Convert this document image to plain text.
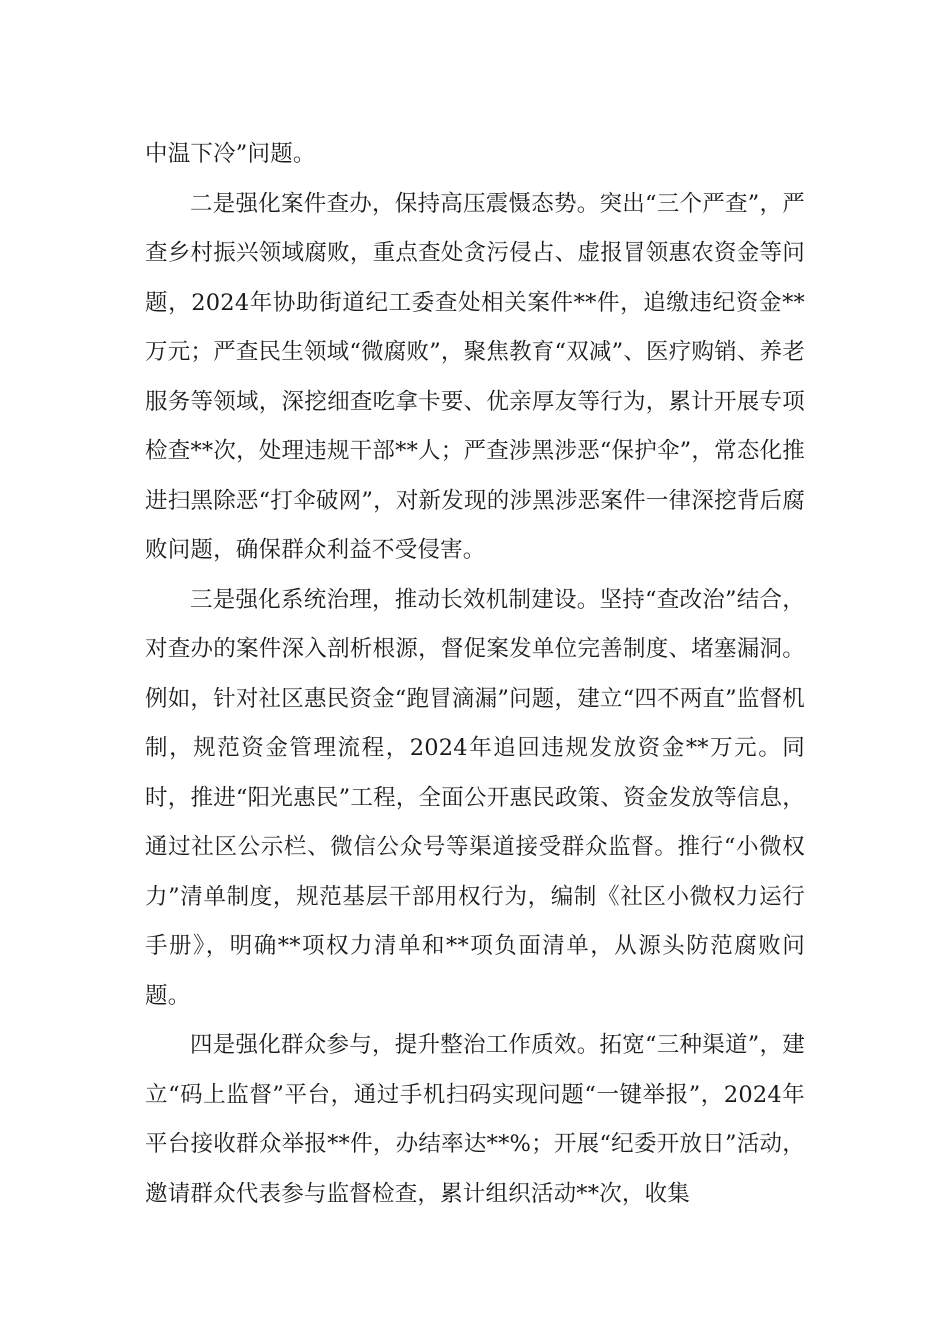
中温下冷”问题。

二是强化案件查办，保持高压震慑态势。突出“三个严查”，严查乡村振兴领域腐败，重点查处贪污侵占、虚报冒领惠农资金等问题，2024年协助街道纪工委查处相关案件**件，追缴违纪资金**万元；严查民生领域“微腐败”，聚焦教育“双减”、医疗购销、养老服务等领域，深挖细查吃拿卡要、优亲厚友等行为，累计开展专项检查**次，处理违规干部**人；严查涉黑涉恶“保护伞”，常态化推进扫黑除恶“打伞破网”，对新发现的涉黑涉恶案件一律深挖背后腐败问题，确保群众利益不受侵害。

三是强化系统治理，推动长效机制建设。坚持“查改治”结合，对查办的案件深入剖析根源，督促案发单位完善制度、堵塞漏洞。例如，针对社区惠民资金“跑冒滴漏”问题，建立“四不两直”监督机制，规范资金管理流程，2024年追回违规发放资金**万元。同时，推进“阳光惠民”工程，全面公开惠民政策、资金发放等信息，通过社区公示栏、微信公众号等渠道接受群众监督。推行“小微权力”清单制度，规范基层干部用权行为，编制《社区小微权力运行手册》，明确**项权力清单和**项负面清单，从源头防范腐败问题。

四是强化群众参与，提升整治工作质效。拓宽“三种渠道”，建立“码上监督”平台，通过手机扫码实现问题“一键举报”，2024年平台接收群众举报**件，办结率达**%；开展“纪委开放日”活动，邀请群众代表参与监督检查，累计组织活动**次，收集
